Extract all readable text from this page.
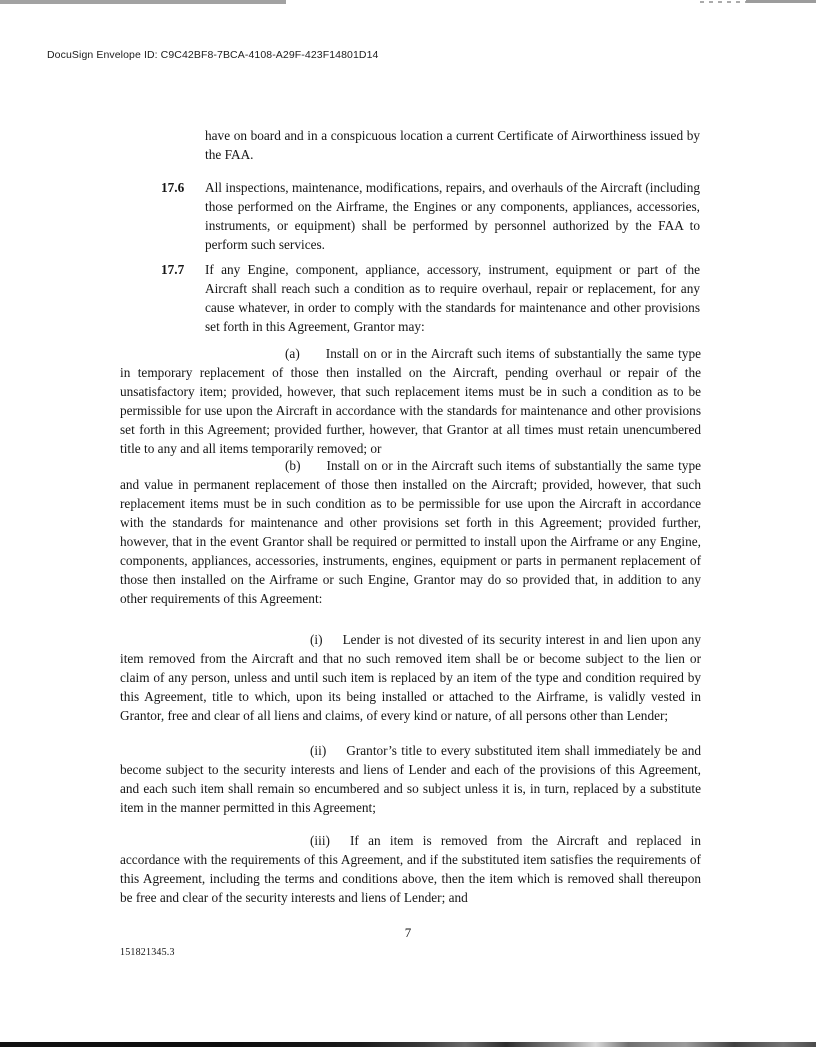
DocuSign Envelope ID: C9C42BF8-7BCA-4108-A29F-423F14801D14
have on board and in a conspicuous location a current Certificate of Airworthiness issued by the FAA.
17.6 All inspections, maintenance, modifications, repairs, and overhauls of the Aircraft (including those performed on the Airframe, the Engines or any components, appliances, accessories, instruments, or equipment) shall be performed by personnel authorized by the FAA to perform such services.
17.7 If any Engine, component, appliance, accessory, instrument, equipment or part of the Aircraft shall reach such a condition as to require overhaul, repair or replacement, for any cause whatever, in order to comply with the standards for maintenance and other provisions set forth in this Agreement, Grantor may:
(a) Install on or in the Aircraft such items of substantially the same type in temporary replacement of those then installed on the Aircraft, pending overhaul or repair of the unsatisfactory item; provided, however, that such replacement items must be in such a condition as to be permissible for use upon the Aircraft in accordance with the standards for maintenance and other provisions set forth in this Agreement; provided further, however, that Grantor at all times must retain unencumbered title to any and all items temporarily removed; or
(b) Install on or in the Aircraft such items of substantially the same type and value in permanent replacement of those then installed on the Aircraft; provided, however, that such replacement items must be in such condition as to be permissible for use upon the Aircraft in accordance with the standards for maintenance and other provisions set forth in this Agreement; provided further, however, that in the event Grantor shall be required or permitted to install upon the Airframe or any Engine, components, appliances, accessories, instruments, engines, equipment or parts in permanent replacement of those then installed on the Airframe or such Engine, Grantor may do so provided that, in addition to any other requirements of this Agreement:
(i) Lender is not divested of its security interest in and lien upon any item removed from the Aircraft and that no such removed item shall be or become subject to the lien or claim of any person, unless and until such item is replaced by an item of the type and condition required by this Agreement, title to which, upon its being installed or attached to the Airframe, is validly vested in Grantor, free and clear of all liens and claims, of every kind or nature, of all persons other than Lender;
(ii) Grantor’s title to every substituted item shall immediately be and become subject to the security interests and liens of Lender and each of the provisions of this Agreement, and each such item shall remain so encumbered and so subject unless it is, in turn, replaced by a substitute item in the manner permitted in this Agreement;
(iii) If an item is removed from the Aircraft and replaced in accordance with the requirements of this Agreement, and if the substituted item satisfies the requirements of this Agreement, including the terms and conditions above, then the item which is removed shall thereupon be free and clear of the security interests and liens of Lender; and
7
151821345.3
